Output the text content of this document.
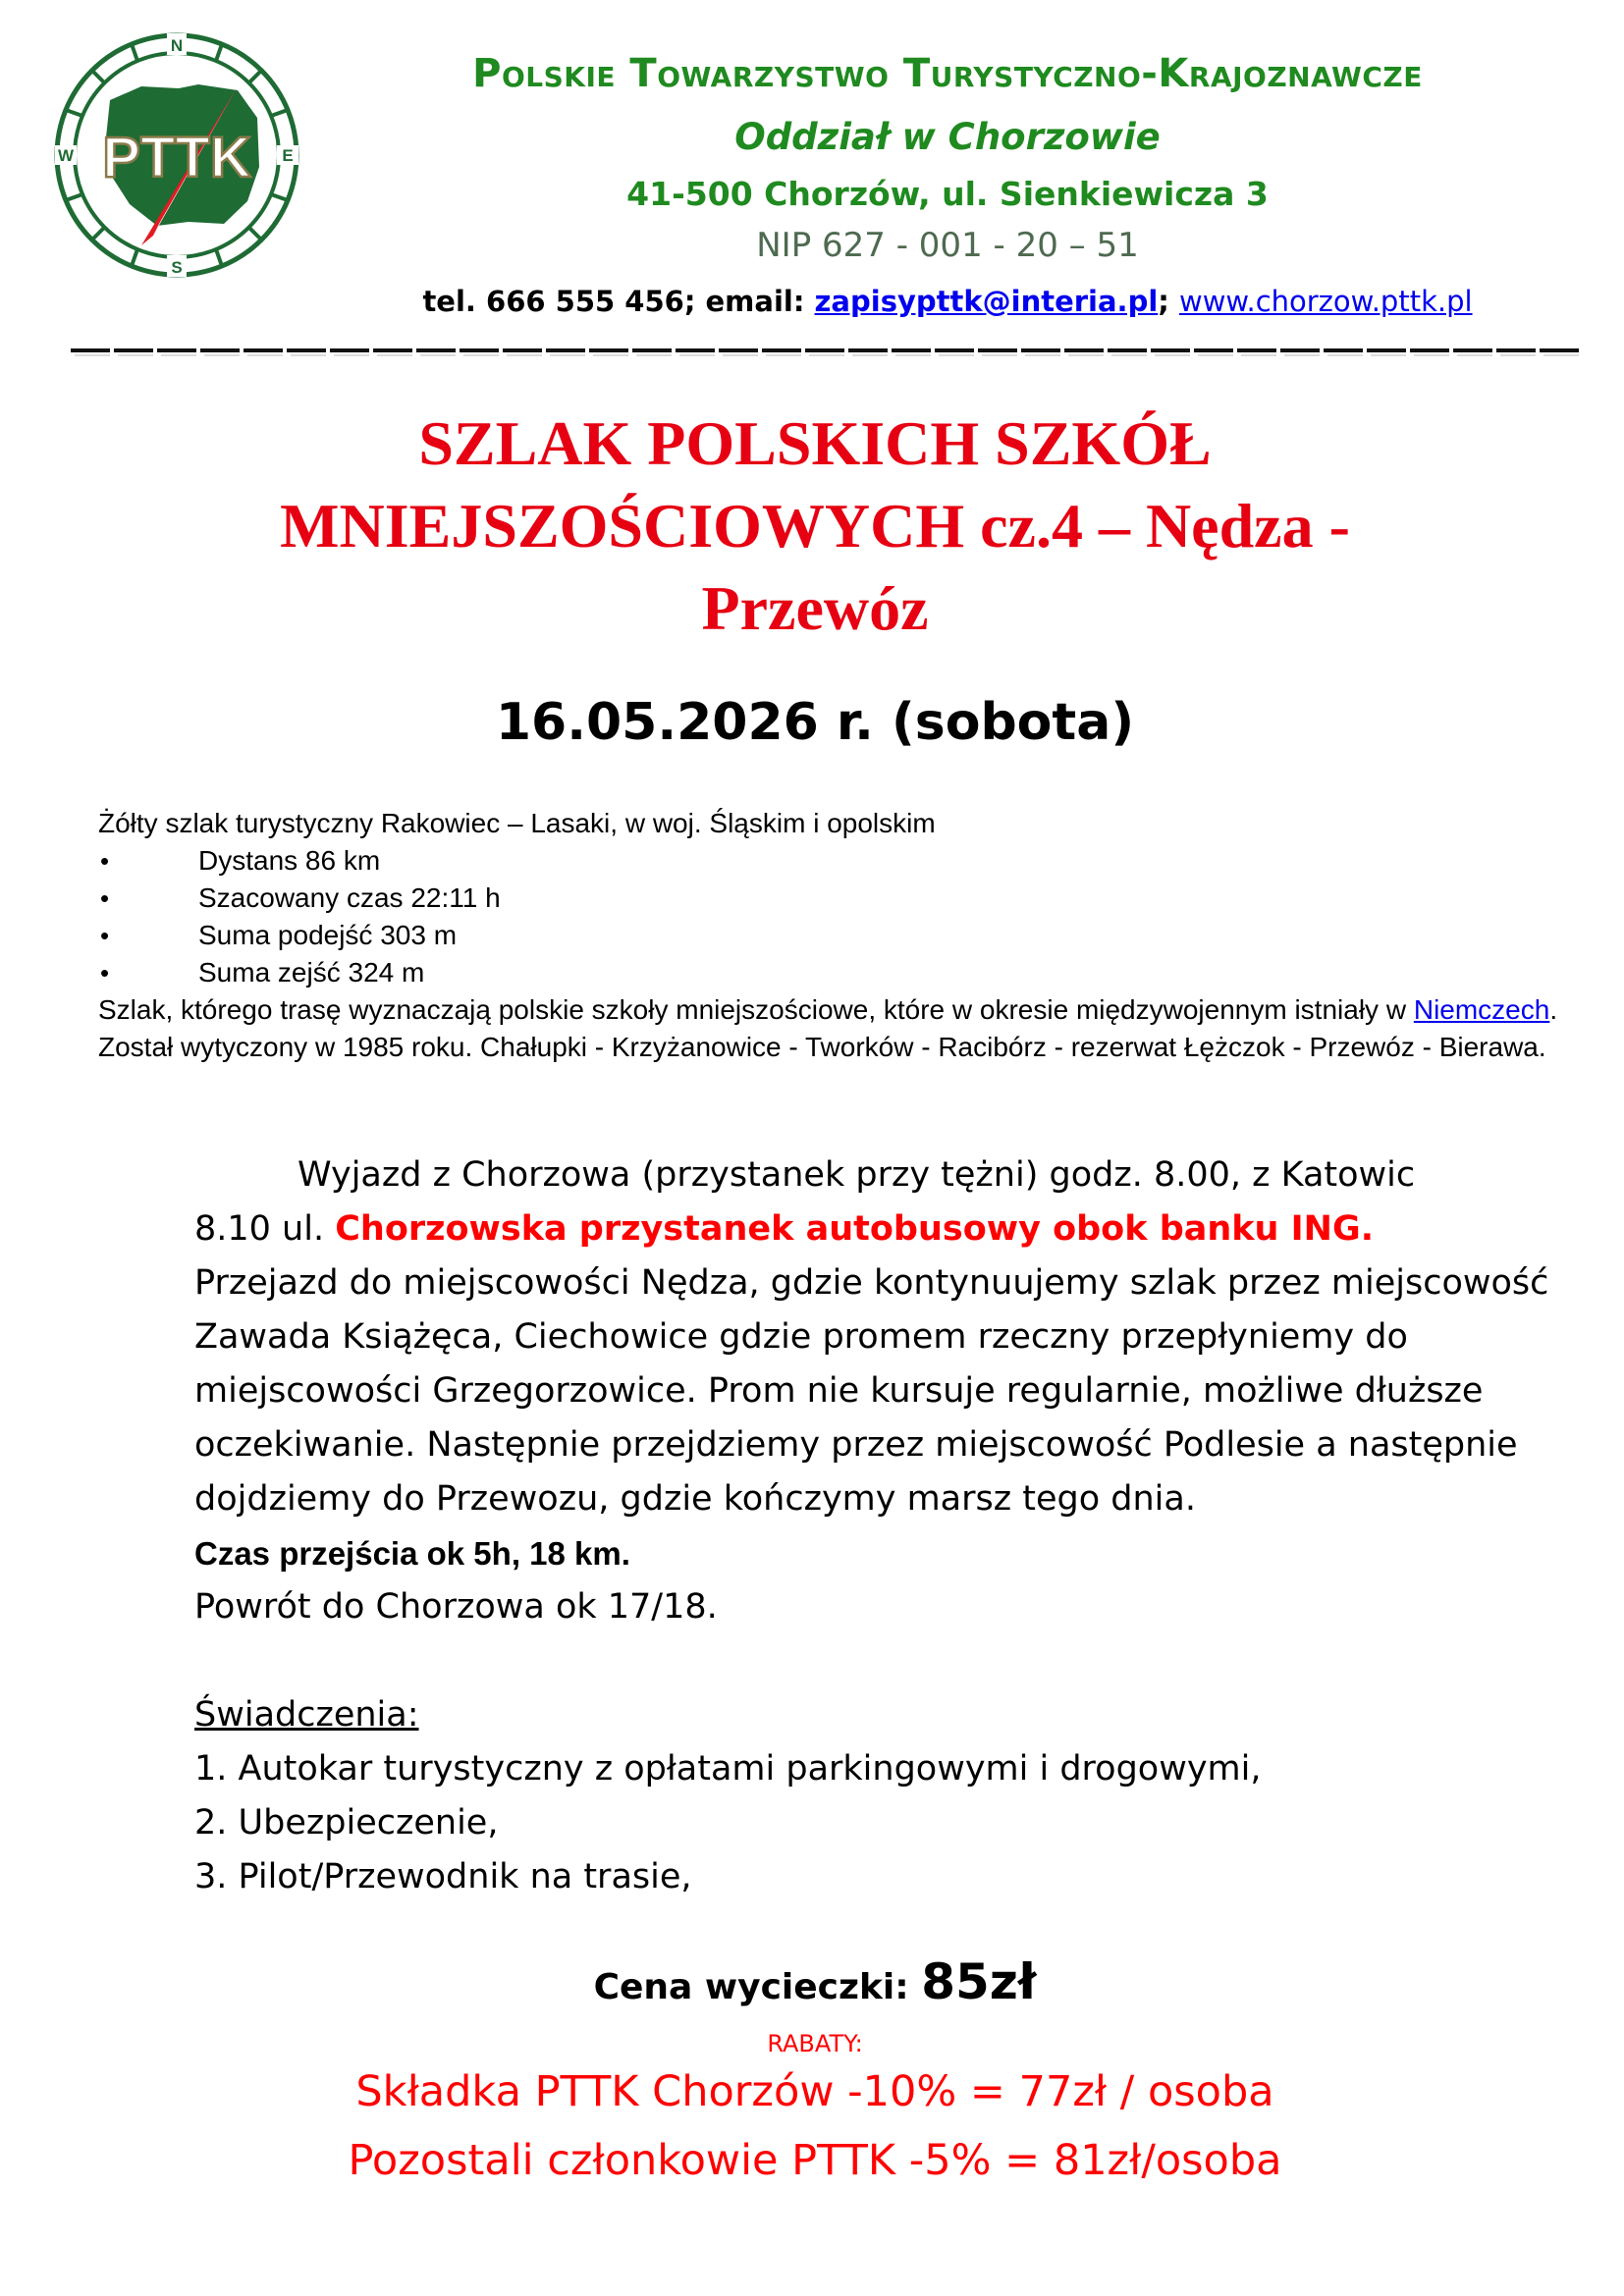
N
S
W	E
PTTK
Polskie Towarzystwo Turystyczno-Krajoznawcze
Oddział w Chorzowie
41-500 Chorzów, ul. Sienkiewicza 3
NIP 627 - 001 - 20 – 51
tel. 666 555 456; email: zapisypttk@interia.pl; www.chorzow.pttk.pl
SZLAK POLSKICH SZKÓŁ
MNIEJSZOŚCIOWYCH cz.4 – Nędza -
Przewóz
16.05.2026 r. (sobota)
Żółty szlak turystyczny Rakowiec – Lasaki, w woj. Śląskim i opolskim
• Dystans 86 km
• Szacowany czas 22:11 h
• Suma podejść 303 m
• Suma zejść 324 m
Szlak, którego trasę wyznaczają polskie szkoły mniejszościowe, które w okresie międzywojennym istniały w Niemczech. Został wytyczony w 1985 roku. Chałupki - Krzyżanowice - Tworków - Racibórz - rezerwat Łężczok - Przewóz - Bierawa.

Wyjazd z Chorzowa (przystanek przy tężni) godz. 8.00, z Katowic

8.10 ul. Chorzowska przystanek autobusowy obok banku ING.

Przejazd do miejscowości Nędza, gdzie kontynuujemy szlak przez miejscowość Zawada Książęca, Ciechowice gdzie promem rzeczny przepłyniemy do miejscowości Grzegorzowice. Prom nie kursuje regularnie, możliwe dłuższe oczekiwanie. Następnie przejdziemy przez miejscowość Podlesie a następnie dojdziemy do Przewozu, gdzie kończymy marsz tego dnia.

Czas przejścia ok 5h, 18 km.

Powrót do Chorzowa ok 17/18.

Świadczenia:

1. Autokar turystyczny z opłatami parkingowymi i drogowymi,

2. Ubezpieczenie,

3. Pilot/Przewodnik na trasie,

Cena wycieczki: 85zł
RABATY:
Składka PTTK Chorzów -10% = 77zł / osoba
Pozostali członkowie PTTK -5% = 81zł/osoba
